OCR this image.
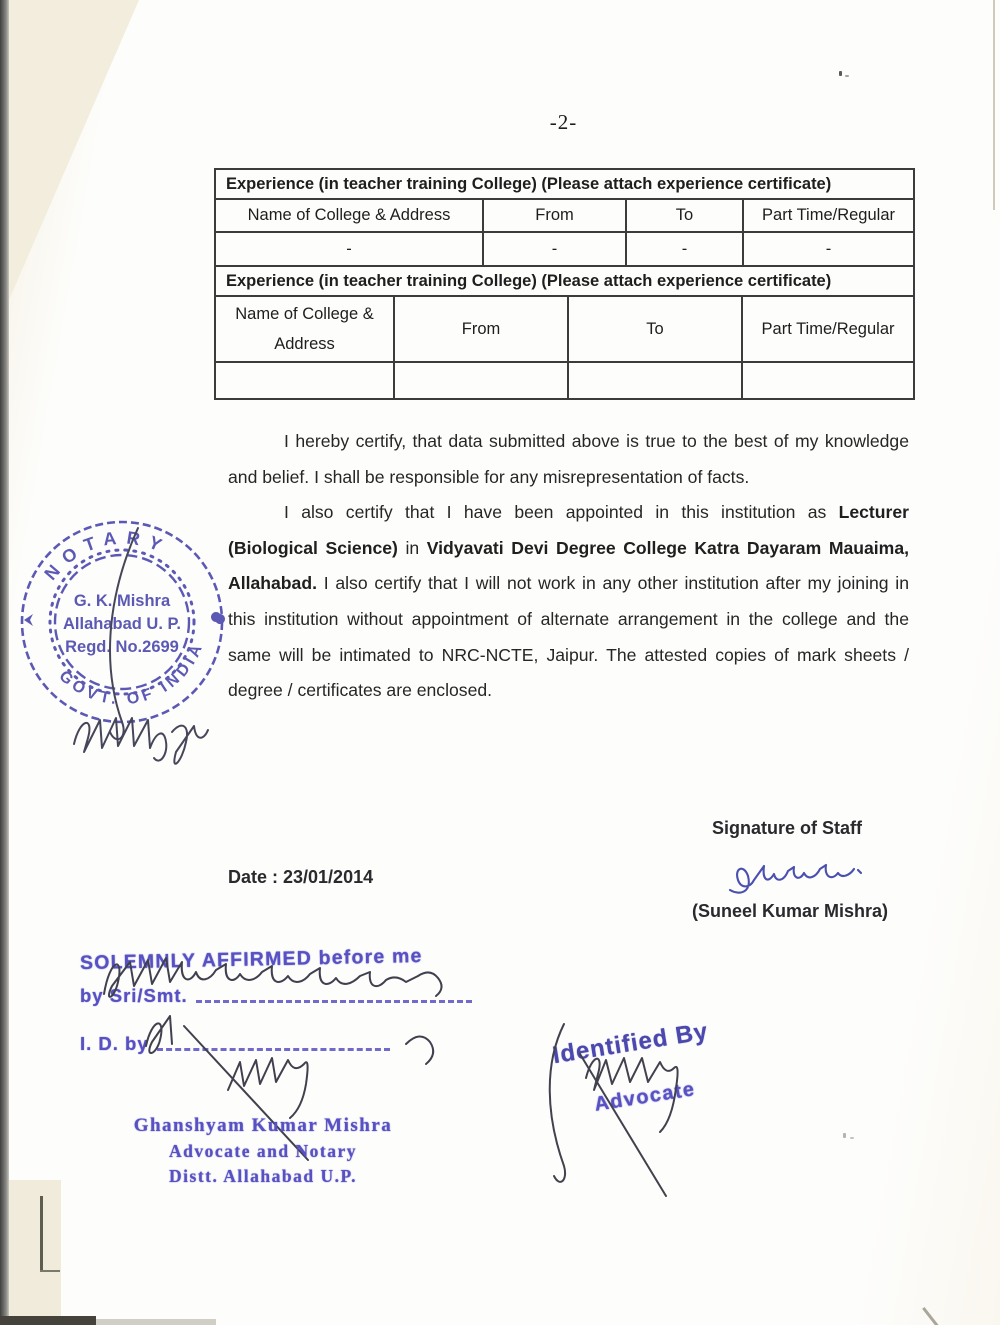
-2-
Experience (in teacher training College) (Please attach experience certificate)			
Name of College & Address	From	To	Part Time/Regular
-	-	-	-
Experience (in teacher training College) (Please attach experience certificate)			
Name of College & Address	From	To	Part Time/Regular

I hereby certify, that data submitted above is true to the best of my knowledge and belief. I shall be responsible for any misrepresentation of facts.

I also certify that I have been appointed in this institution as Lecturer (Biological Science) in Vidyavati Devi Degree College Katra Dayaram Mauaima, Allahabad. I also certify that I will not work in any other institution after my joining in this institution without appointment of alternate arrangement in the college and the same will be intimated to NRC-NCTE, Jaipur. The attested copies of mark sheets / degree / certificates are enclosed.

Signature of Staff
(Suneel Kumar Mishra)
Date : 23/01/2014
NOTARY
GOVT. OF INDIA
G. K. Mishra
Allahabad U. P.
Regd. No.2699
SOLEMNLY AFFIRMED before me
by Sri/Smt.
I. D. by
Ghanshyam Kumar Mishra
Advocate and Notary
Distt. Allahabad U.P.
Identified By
Advocate
